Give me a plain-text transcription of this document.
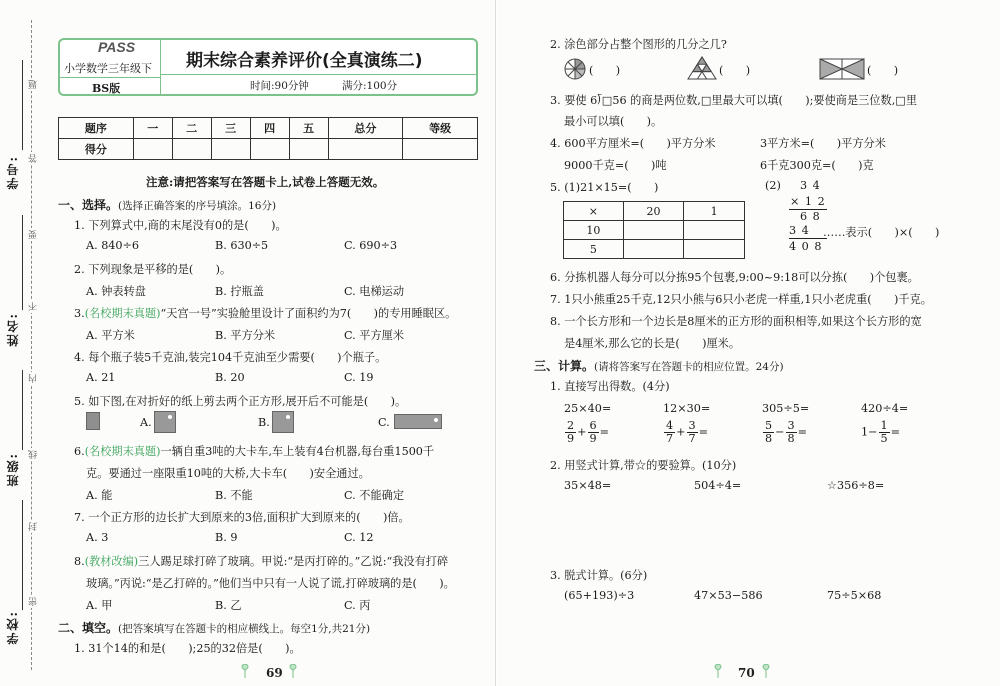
学号:
姓名:
班级:
学校:
题
答
要
不
内
线
封
密
PASS
小学数学三年级下
BS版
期末综合素养评价(全真演练二)
时间:90分钟	满分:100分
题序	一	二	三	四	五	总分	等级
得分							
注意:请把答案写在答题卡上,试卷上答题无效。
一、选择。(选择正确答案的序号填涂。16分)
1. 下列算式中,商的末尾没有0的是(　　)。
A. 840÷6	B. 630÷5	C. 690÷3
2. 下列现象是平移的是(　　)。
A. 钟表转盘	B. 拧瓶盖	C. 电梯运动
3.(名校期末真题)“天宫一号”实验舱里设计了面积约为7(　　)的专用睡眠区。
A. 平方米	B. 平方分米	C. 平方厘米
4. 每个瓶子装5千克油,装完104千克油至少需要(　　)个瓶子。
A. 21	B. 20	C. 19
5. 如下图,在对折好的纸上剪去两个正方形,展开后不可能是(　　)。
A.	B.	C.
6.(名校期末真题)一辆自重3吨的大卡车,车上装有4台机器,每台重1500千
克。要通过一座限重10吨的大桥,大卡车(　　)安全通过。
A. 能	B. 不能	C. 不能确定
7. 一个正方形的边长扩大到原来的3倍,面积扩大到原来的(　　)倍。
A. 3	B. 9	C. 12
8.(教材改编)三人踢足球打碎了玻璃。甲说:“是丙打碎的。”乙说:“我没有打碎
玻璃。”丙说:“是乙打碎的。”他们当中只有一人说了谎,打碎玻璃的是(　　)。
A. 甲	B. 乙	C. 丙
二、填空。(把答案填写在答题卡的相应横线上。每空1分,共21分)
1. 31个14的和是(　　);25的32倍是(　　)。
69
2. 涂色部分占整个图形的几分之几?
(　　)	(　　)	(　　)
3. 要使 6⟌□56 的商是两位数,□里最大可以填(　　);要使商是三位数,□里
最小可以填(　　)。
4. 600平方厘米=(　　)平方分米	3平方米=(　　)平方分米
9000千克=(　　)吨	6千克300克=(　　)克
5. (1)21×15=(　　)
×	20	1
10		
5		
(2) 3 4
× 1 2
6 8
3 4
4 0 8
……表示(　　)×(　　)
6. 分拣机器人每分可以分拣95个包裹,9:00~9:18可以分拣(　　)个包裹。
7. 1只小熊重25千克,12只小熊与6只小老虎一样重,1只小老虎重(　　)千克。
8. 一个长方形和一个边长是8厘米的正方形的面积相等,如果这个长方形的宽
是4厘米,那么它的长是(　　)厘米。
三、计算。(请将答案写在答题卡的相应位置。24分)
1. 直接写出得数。(4分)
25×40=	12×30=	305÷5=	420÷4=
$\frac{2}{9} + \frac{6}{9}$ =	$\frac{4}{7} + \frac{3}{7}$ =	$\frac{5}{8} - \frac{3}{8}$ =	$1- \frac{1}{5}$ =
2. 用竖式计算,带☆的要验算。(10分)
35×48=	504÷4=	☆356÷8=
3. 脱式计算。(6分)
(65+193)÷3	47×53−586	75÷5×68
70
